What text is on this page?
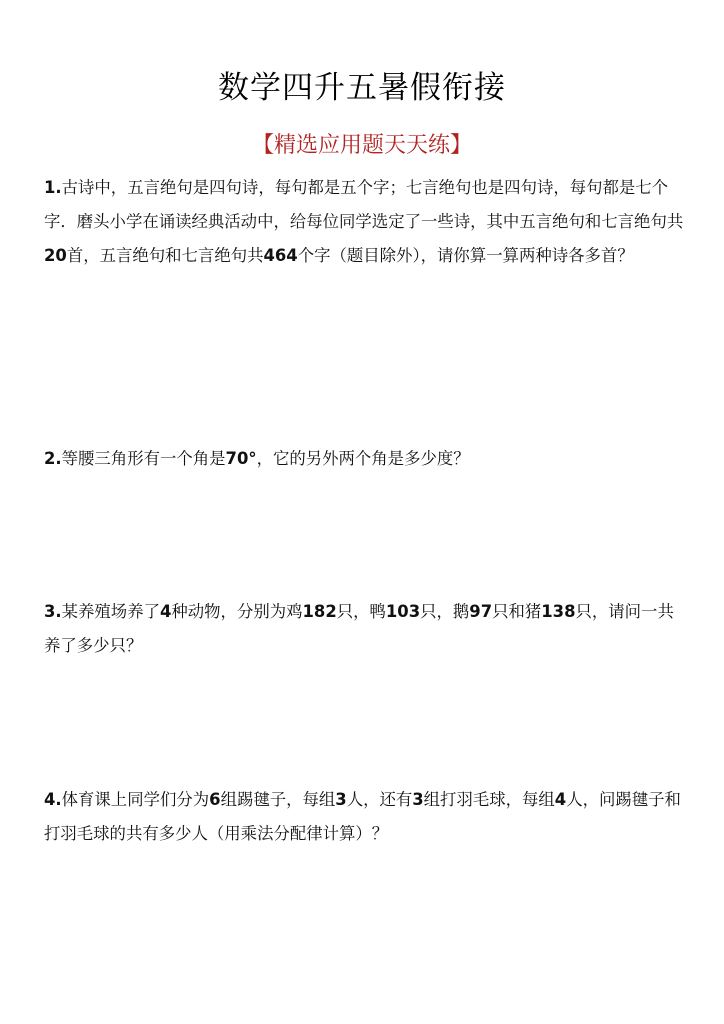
数学四升五暑假衔接
【精选应用题天天练】

1.古诗中，五言绝句是四句诗，每句都是五个字；七言绝句也是四句诗，每句都是七个字．磨头小学在诵读经典活动中，给每位同学选定了一些诗，其中五言绝句和七言绝句共20首，五言绝句和七言绝句共464个字（题目除外），请你算一算两种诗各多首？

2.等腰三角形有一个角是70°，它的另外两个角是多少度？

3.某养殖场养了4种动物，分别为鸡182只，鸭103只，鹅97只和猪138只，请问一共养了多少只？

4.体育课上同学们分为6组踢毽子，每组3人，还有3组打羽毛球，每组4人，问踢毽子和打羽毛球的共有多少人（用乘法分配律计算）？
